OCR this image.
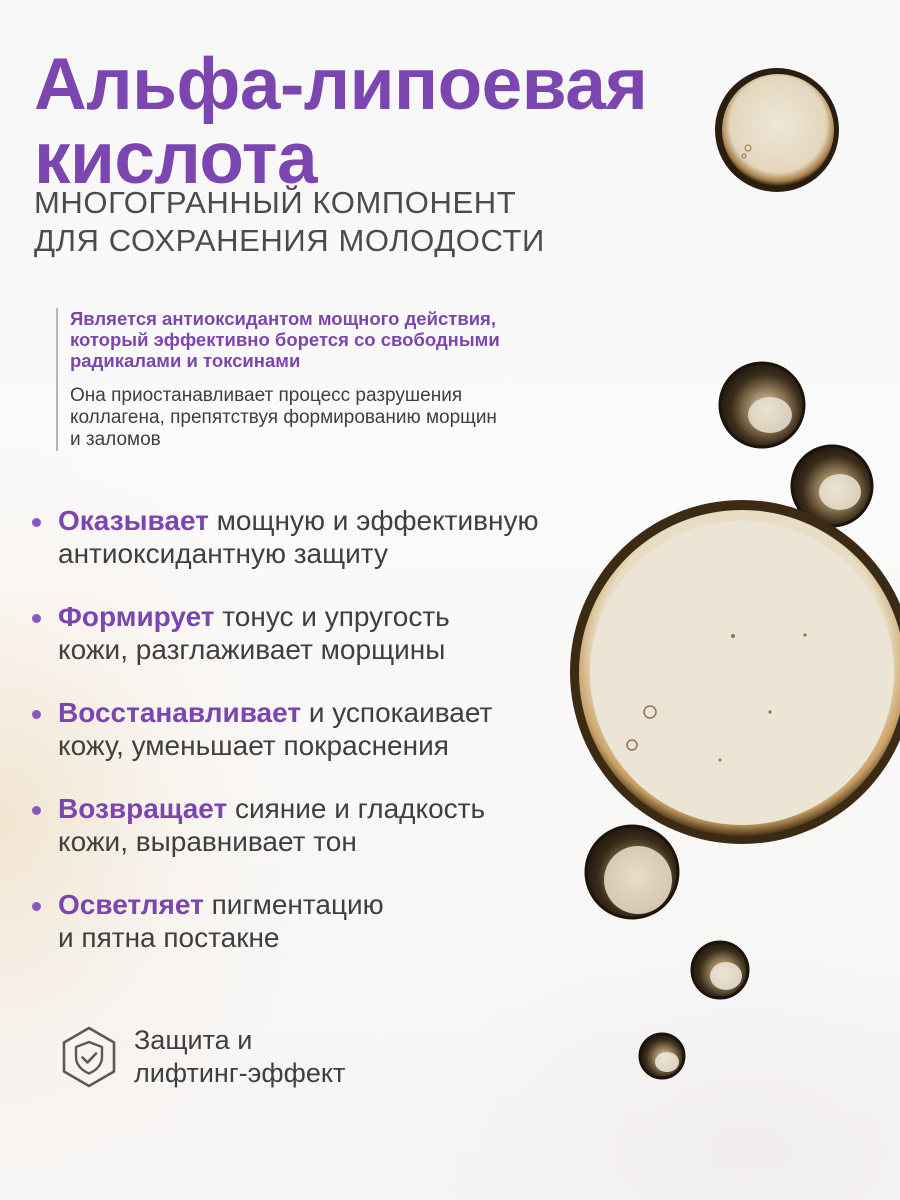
Альфа-липоевая
кислота
МНОГОГРАННЫЙ КОМПОНЕНТ
ДЛЯ СОХРАНЕНИЯ МОЛОДОСТИ

Является антиоксидантом мощного действия,
который эффективно борется со свободными
радикалами и токсинами

Она приостанавливает процесс разрушения
коллагена, препятствуя формированию морщин
и заломов

Оказывает мощную и эффективную
антиоксидантную защиту
Формирует тонус и упругость
кожи, разглаживает морщины
Восстанавливает и успокаивает
кожу, уменьшает покраснения
Возвращает сияние и гладкость
кожи, выравнивает тон
Осветляет пигментацию
и пятна постакне
Защита и
лифтинг-эффект
